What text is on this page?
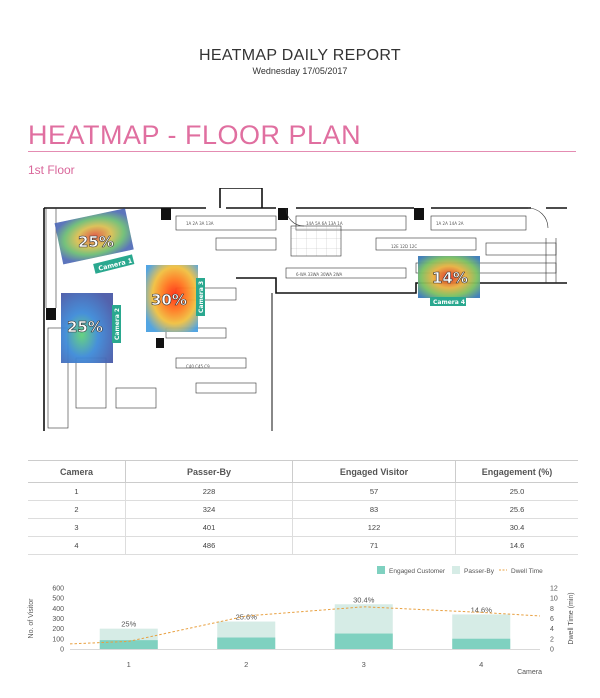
HEATMAP DAILY REPORT
Wednesday 17/05/2017
HEATMAP - FLOOR PLAN
1st Floor
1A 2A 3A 13A	14A 5A 6A 13A 1A	1A 2A 14A 2A
6-WA 33WA 30WA 2WA
C40 C45 C9
12E 12D 12C
25%
Camera 1
25% Camera 2
30% Camera 3
14%
Camera 4
Camera	Passer-By	Engaged Visitor	Engagement (%)
1	228	57	25.0
2	324	83	25.6
3	401	122	30.4
4	486	71	14.6
Engaged Customer	Passer-By	Dwell Time
0
100
200
300
400
500
600
0
2
4
6
8
10
12
No. of Visitor	Dwell Time (min)
25%
1
25.6%
2
30.4%
3
14.6%
4
Camera
